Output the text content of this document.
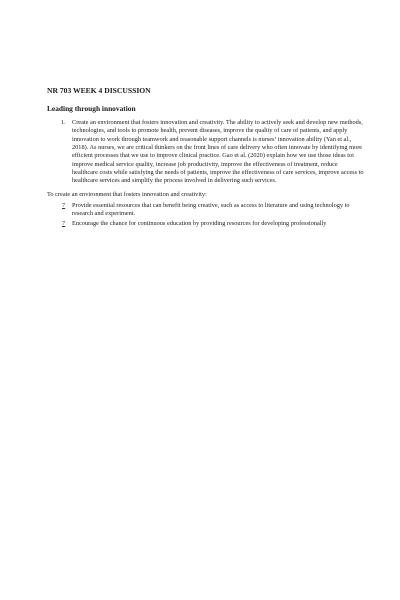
NR 703 WEEK 4 DISCUSSION
Leading through innovation
1. Create an environment that fosters innovation and creativity. The ability to actively seek and develop new methods, technologies, and tools to promote health, prevent diseases, improve the quality of care of patients, and apply innovation to work through teamwork and reasonable support channels is nurses’ innovation ability (Yan et al., 2018). As nurses, we are critical thinkers on the front lines of care delivery who often innovate by identifying more efficient processes that we use to improve clinical practice. Gao et al. (2020) explain how we use those ideas toi improve medical service quality, increase job productivity, improve the effectiveness of treatment, reduce healthcare costs while satisfying the needs of patients, improve the effectiveness of care services, improve access to healthcare services and simplify the process involved in delivering such services.
To create an environment that fosters innovation and creativity:
7 Provide essential resources that can benefit being creative, such as access to literature and using technology to research and experiment.
7 Encourage the chance for continuous education by providing resources for developing professionally
